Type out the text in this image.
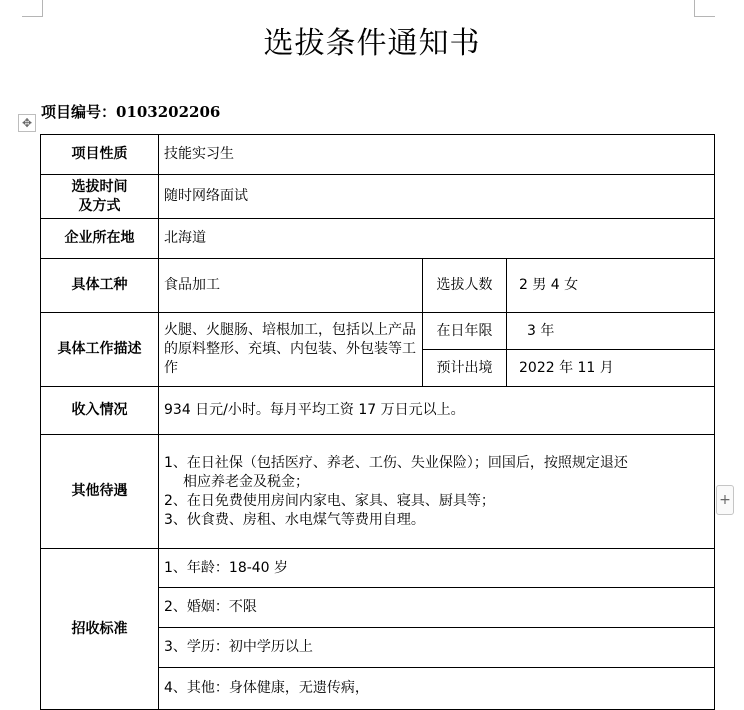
选拔条件通知书
项目编号：0103202206
✥
+
项目性质	技能实习生		

选拔时间
及方式	随时网络面试		
企业所在地	北海道		
具体工种	食品加工	选拔人数	2 男 4 女
具体工作描述	火腿、火腿肠、培根加工，包括以上产品的原料整形、充填、内包装、外包装等工作	在日年限	3 年
		预计出境	2022 年 11 月
收入情况	934 日元/小时。每月平均工资 17 万日元以上。		
其他待遇	1、在日社保（包括医疗、养老、工伤、失业保险）；回国后，按照规定退还
相应养老金及税金；
2、在日免费使用房间内家电、家具、寝具、厨具等；
3、伙食费、房租、水电煤气等费用自理。		

招收标准	1、年龄：18-40 岁		
	2、婚姻：不限		
	3、学历：初中学历以上		
	4、其他：身体健康，无遗传病，		
